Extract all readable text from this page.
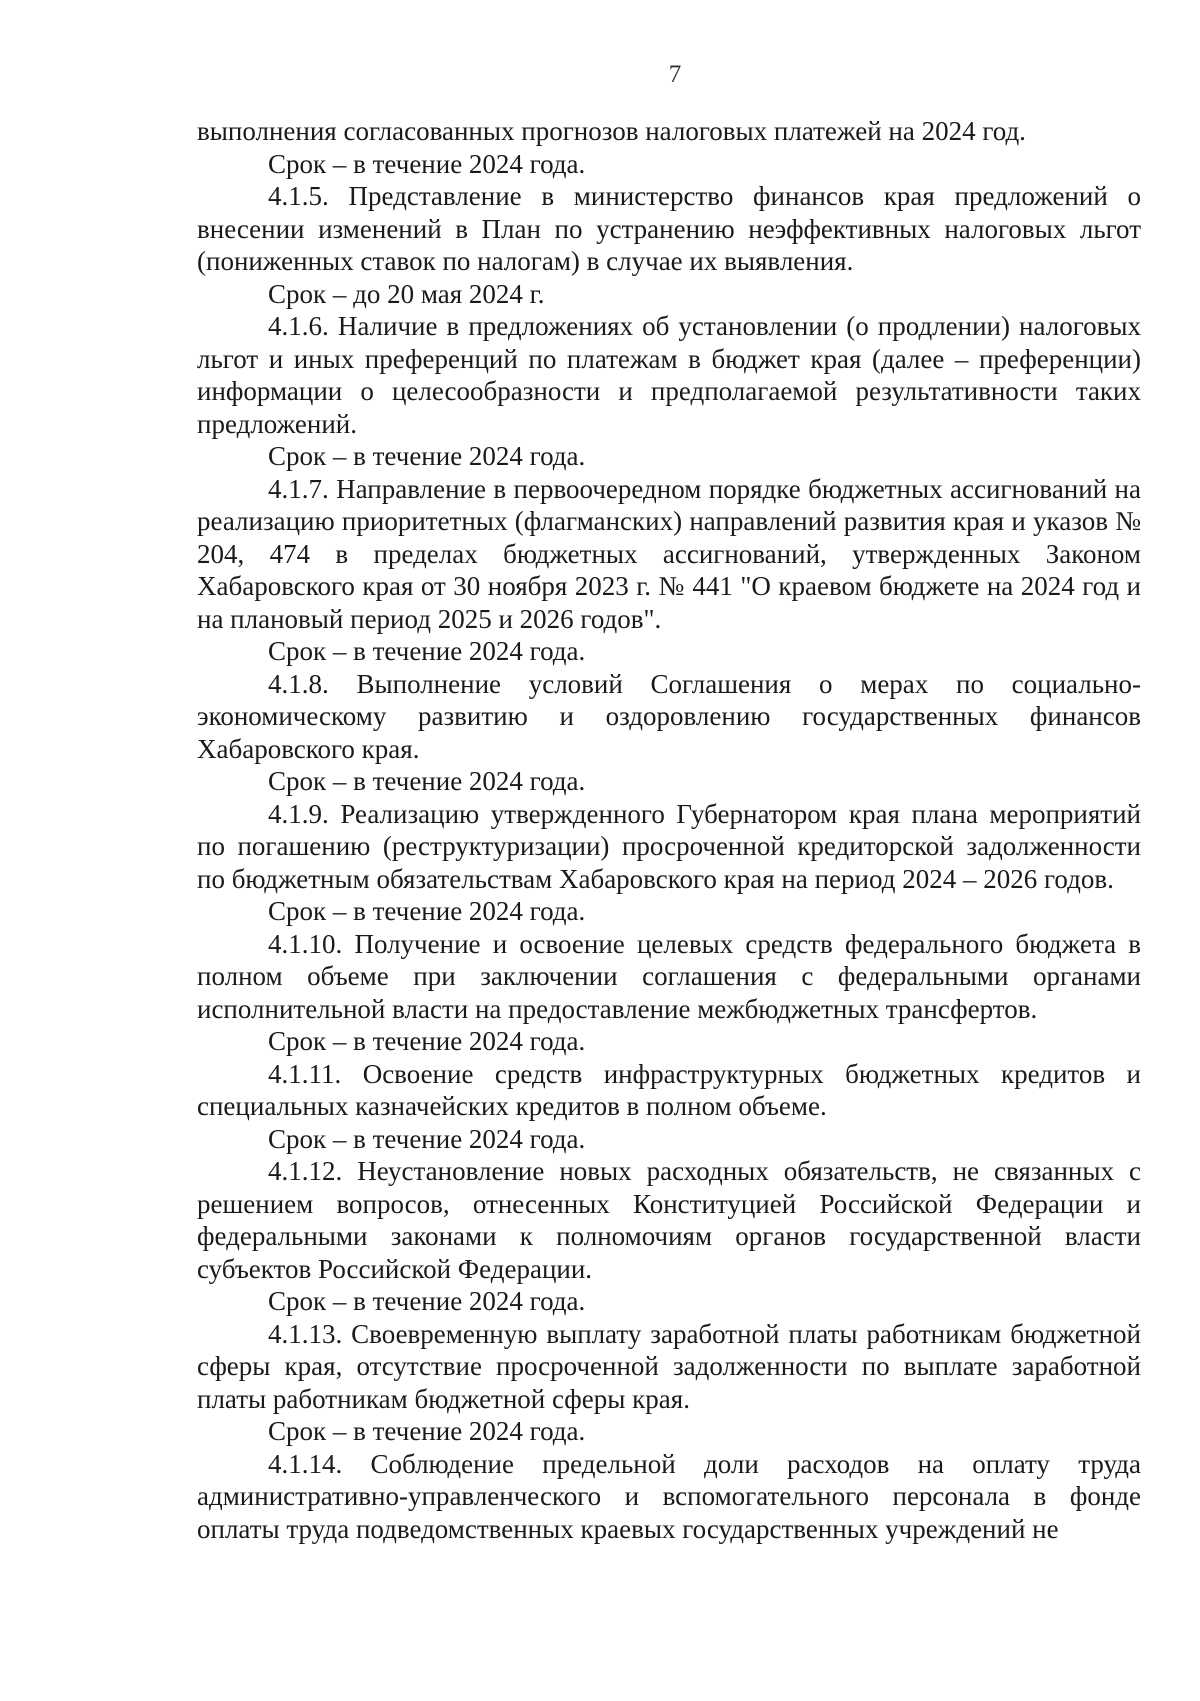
7

выполнения согласованных прогнозов налоговых платежей на 2024 год.

Срок – в течение 2024 года.

4.1.5. Представление в министерство финансов края предложений о внесении изменений в План по устранению неэффективных налоговых льгот (пониженных ставок по налогам) в случае их выявления.

Срок – до 20 мая 2024 г.

4.1.6. Наличие в предложениях об установлении (о продлении) налоговых льгот и иных преференций по платежам в бюджет края (далее – преференции) информации о целесообразности и предполагаемой результативности таких предложений.

Срок – в течение 2024 года.

4.1.7. Направление в первоочередном порядке бюджетных ассигнований на реализацию приоритетных (флагманских) направлений развития края и указов № 204, 474 в пределах бюджетных ассигнований, утвержденных Законом Хабаровского края от 30 ноября 2023 г. № 441 "О краевом бюджете на 2024 год и на плановый период 2025 и 2026 годов".

Срок – в течение 2024 года.

4.1.8. Выполнение условий Соглашения о мерах по социально-экономическому развитию и оздоровлению государственных финансов Хабаровского края.

Срок – в течение 2024 года.

4.1.9. Реализацию утвержденного Губернатором края плана мероприятий по погашению (реструктуризации) просроченной кредиторской задолженности по бюджетным обязательствам Хабаровского края на период 2024 – 2026 годов.

Срок – в течение 2024 года.

4.1.10. Получение и освоение целевых средств федерального бюджета в полном объеме при заключении соглашения с федеральными органами исполнительной власти на предоставление межбюджетных трансфертов.

Срок – в течение 2024 года.

4.1.11. Освоение средств инфраструктурных бюджетных кредитов и специальных казначейских кредитов в полном объеме.

Срок – в течение 2024 года.

4.1.12. Неустановление новых расходных обязательств, не связанных с решением вопросов, отнесенных Конституцией Российской Федерации и федеральными законами к полномочиям органов государственной власти субъектов Российской Федерации.

Срок – в течение 2024 года.

4.1.13. Своевременную выплату заработной платы работникам бюджетной сферы края, отсутствие просроченной задолженности по выплате заработной платы работникам бюджетной сферы края.

Срок – в течение 2024 года.

4.1.14. Соблюдение предельной доли расходов на оплату труда административно-управленческого и вспомогательного персонала в фонде оплаты труда подведомственных краевых государственных учреждений не
